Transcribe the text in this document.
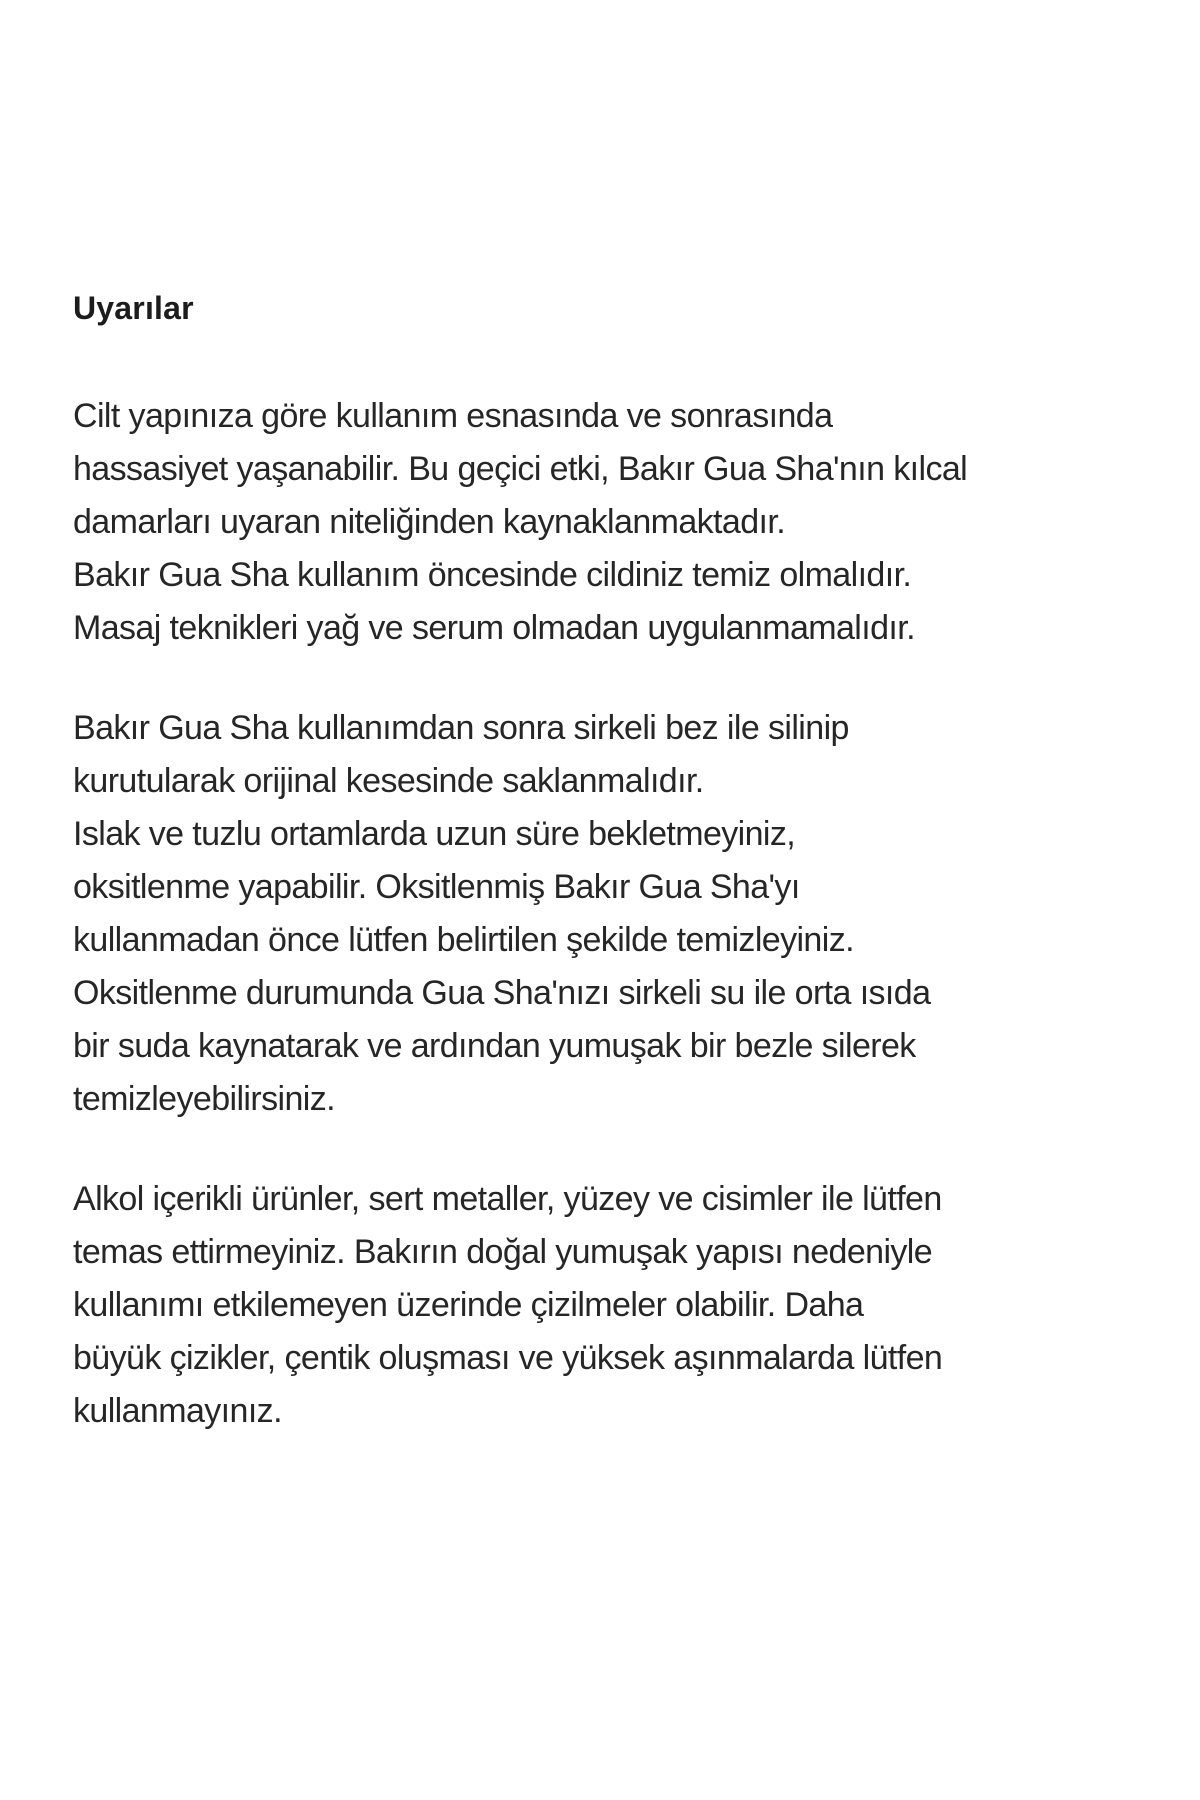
Uyarılar
Cilt yapınıza göre kullanım esnasında ve sonrasında
hassasiyet yaşanabilir. Bu geçici etki, Bakır Gua Sha'nın kılcal
damarları uyaran niteliğinden kaynaklanmaktadır.
Bakır Gua Sha kullanım öncesinde cildiniz temiz olmalıdır.
Masaj teknikleri yağ ve serum olmadan uygulanmamalıdır.
Bakır Gua Sha kullanımdan sonra sirkeli bez ile silinip
kurutularak orijinal kesesinde saklanmalıdır.
Islak ve tuzlu ortamlarda uzun süre bekletmeyiniz,
oksitlenme yapabilir. Oksitlenmiş Bakır Gua Sha'yı
kullanmadan önce lütfen belirtilen şekilde temizleyiniz.
Oksitlenme durumunda Gua Sha'nızı sirkeli su ile orta ısıda
bir suda kaynatarak ve ardından yumuşak bir bezle silerek
temizleyebilirsiniz.
Alkol içerikli ürünler, sert metaller, yüzey ve cisimler ile lütfen
temas ettirmeyiniz. Bakırın doğal yumuşak yapısı nedeniyle
kullanımı etkilemeyen üzerinde çizilmeler olabilir. Daha
büyük çizikler, çentik oluşması ve yüksek aşınmalarda lütfen
kullanmayınız.
